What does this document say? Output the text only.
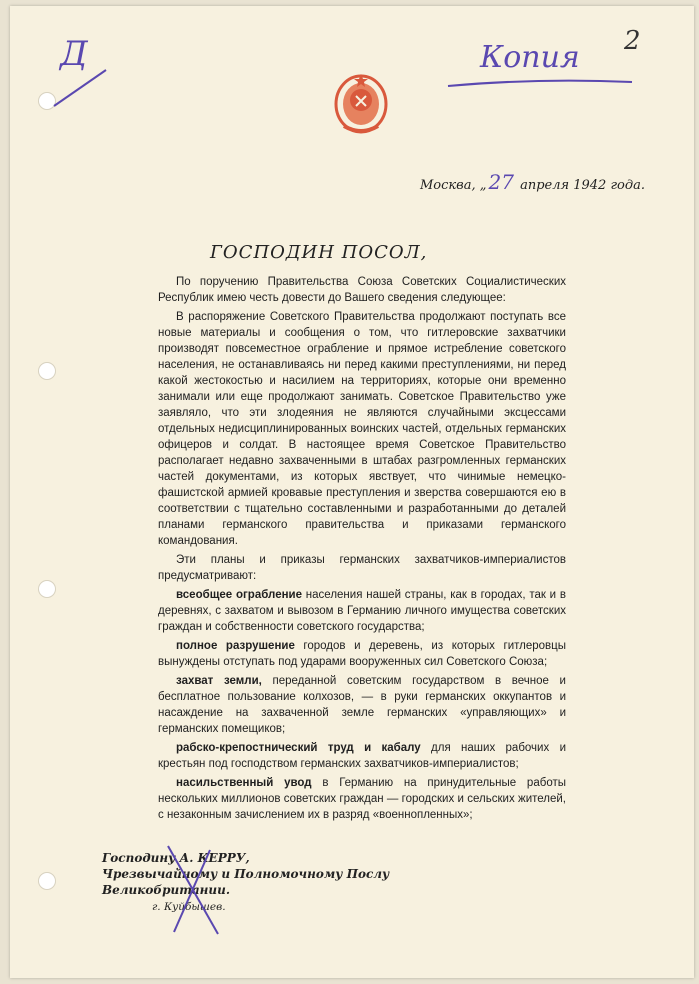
Д	Копия 2
Москва, „ 27 апреля 1942 года.
ГОСПОДИН ПОСОЛ,

По поручению Правительства Союза Советских Социалистических Республик имею честь довести до Вашего сведения следующее:

В распоряжение Советского Правительства продолжают поступать все новые материалы и сообщения о том, что гитлеровские захватчики производят повсеместное ограбление и прямое истребление советского населения, не останавливаясь ни перед какими преступлениями, ни перед какой жестокостью и насилием на территориях, которые они временно занимали или еще продолжают занимать. Советское Правительство уже заявляло, что эти злодеяния не являются случайными эксцессами отдельных недисциплинированных воинских частей, отдельных германских офицеров и солдат. В настоящее время Советское Правительство располагает недавно захваченными в штабах разгромленных германских частей документами, из которых явствует, что чинимые немецко-фашистской армией кровавые преступления и зверства совершаются ею в соответствии с тщательно составленными и разработанными до деталей планами германского правительства и приказами германского командования.

Эти планы и приказы германских захватчиков-империалистов предусматривают:

всеобщее ограбление населения нашей страны, как в городах, так и в деревнях, с захватом и вывозом в Германию личного имущества советских граждан и собственности советского государства;

полное разрушение городов и деревень, из которых гитлеровцы вынуждены отступать под ударами вооруженных сил Советского Союза;

захват земли, переданной советским государством в вечное и бесплатное пользование колхозов, — в руки германских оккупантов и насаждение на захваченной земле германских «управляющих» и германских помещиков;

рабско-крепостнический труд и кабалу для наших рабочих и крестьян под господством германских захватчиков-империалистов;

насильственный увод в Германию на принудительные работы нескольких миллионов советских граждан — городских и сельских жителей, с незаконным зачислением их в разряд «военнопленных»;

Господину А. КЕРРУ,
Чрезвычайному и Полномочному Послу
Великобритании.
г. Куйбышев.
